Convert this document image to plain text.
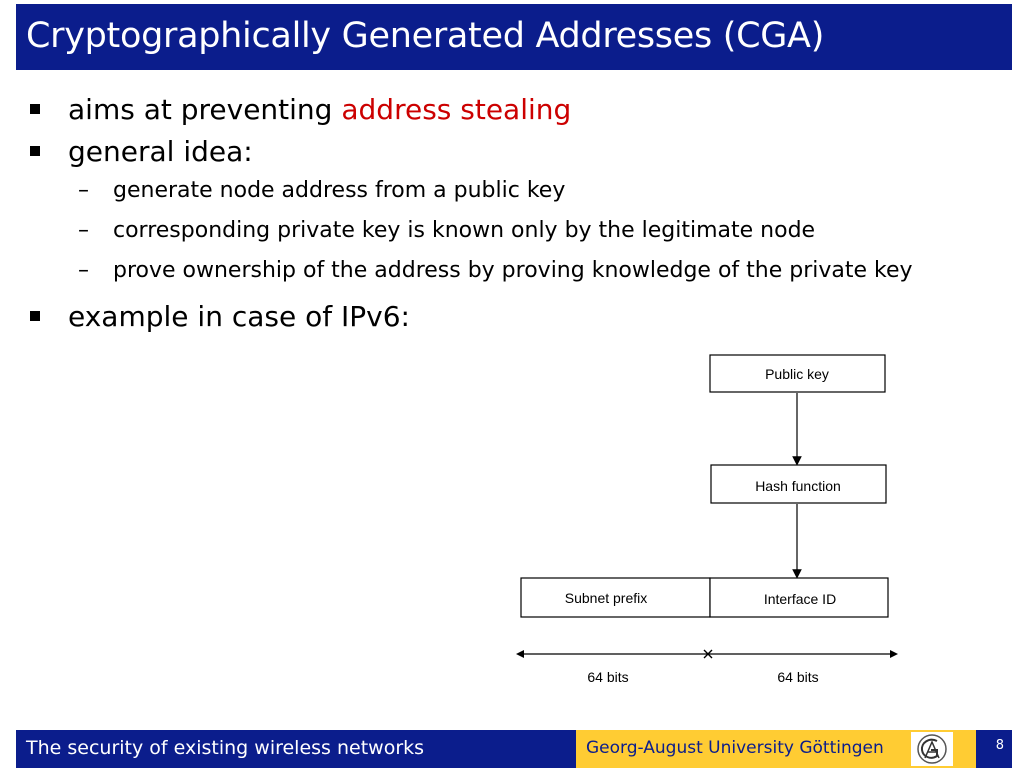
Cryptographically Generated Addresses (CGA)
aims at preventing address stealing
general idea:
– generate node address from a public key
– corresponding private key is known only by the legitimate node
– prove ownership of the address by proving knowledge of the private key
example in case of IPv6:
Public key
Hash function
Subnet prefix	Interface ID
64 bits	64 bits
The security of existing wireless networks	Georg-August University Göttingen	8
